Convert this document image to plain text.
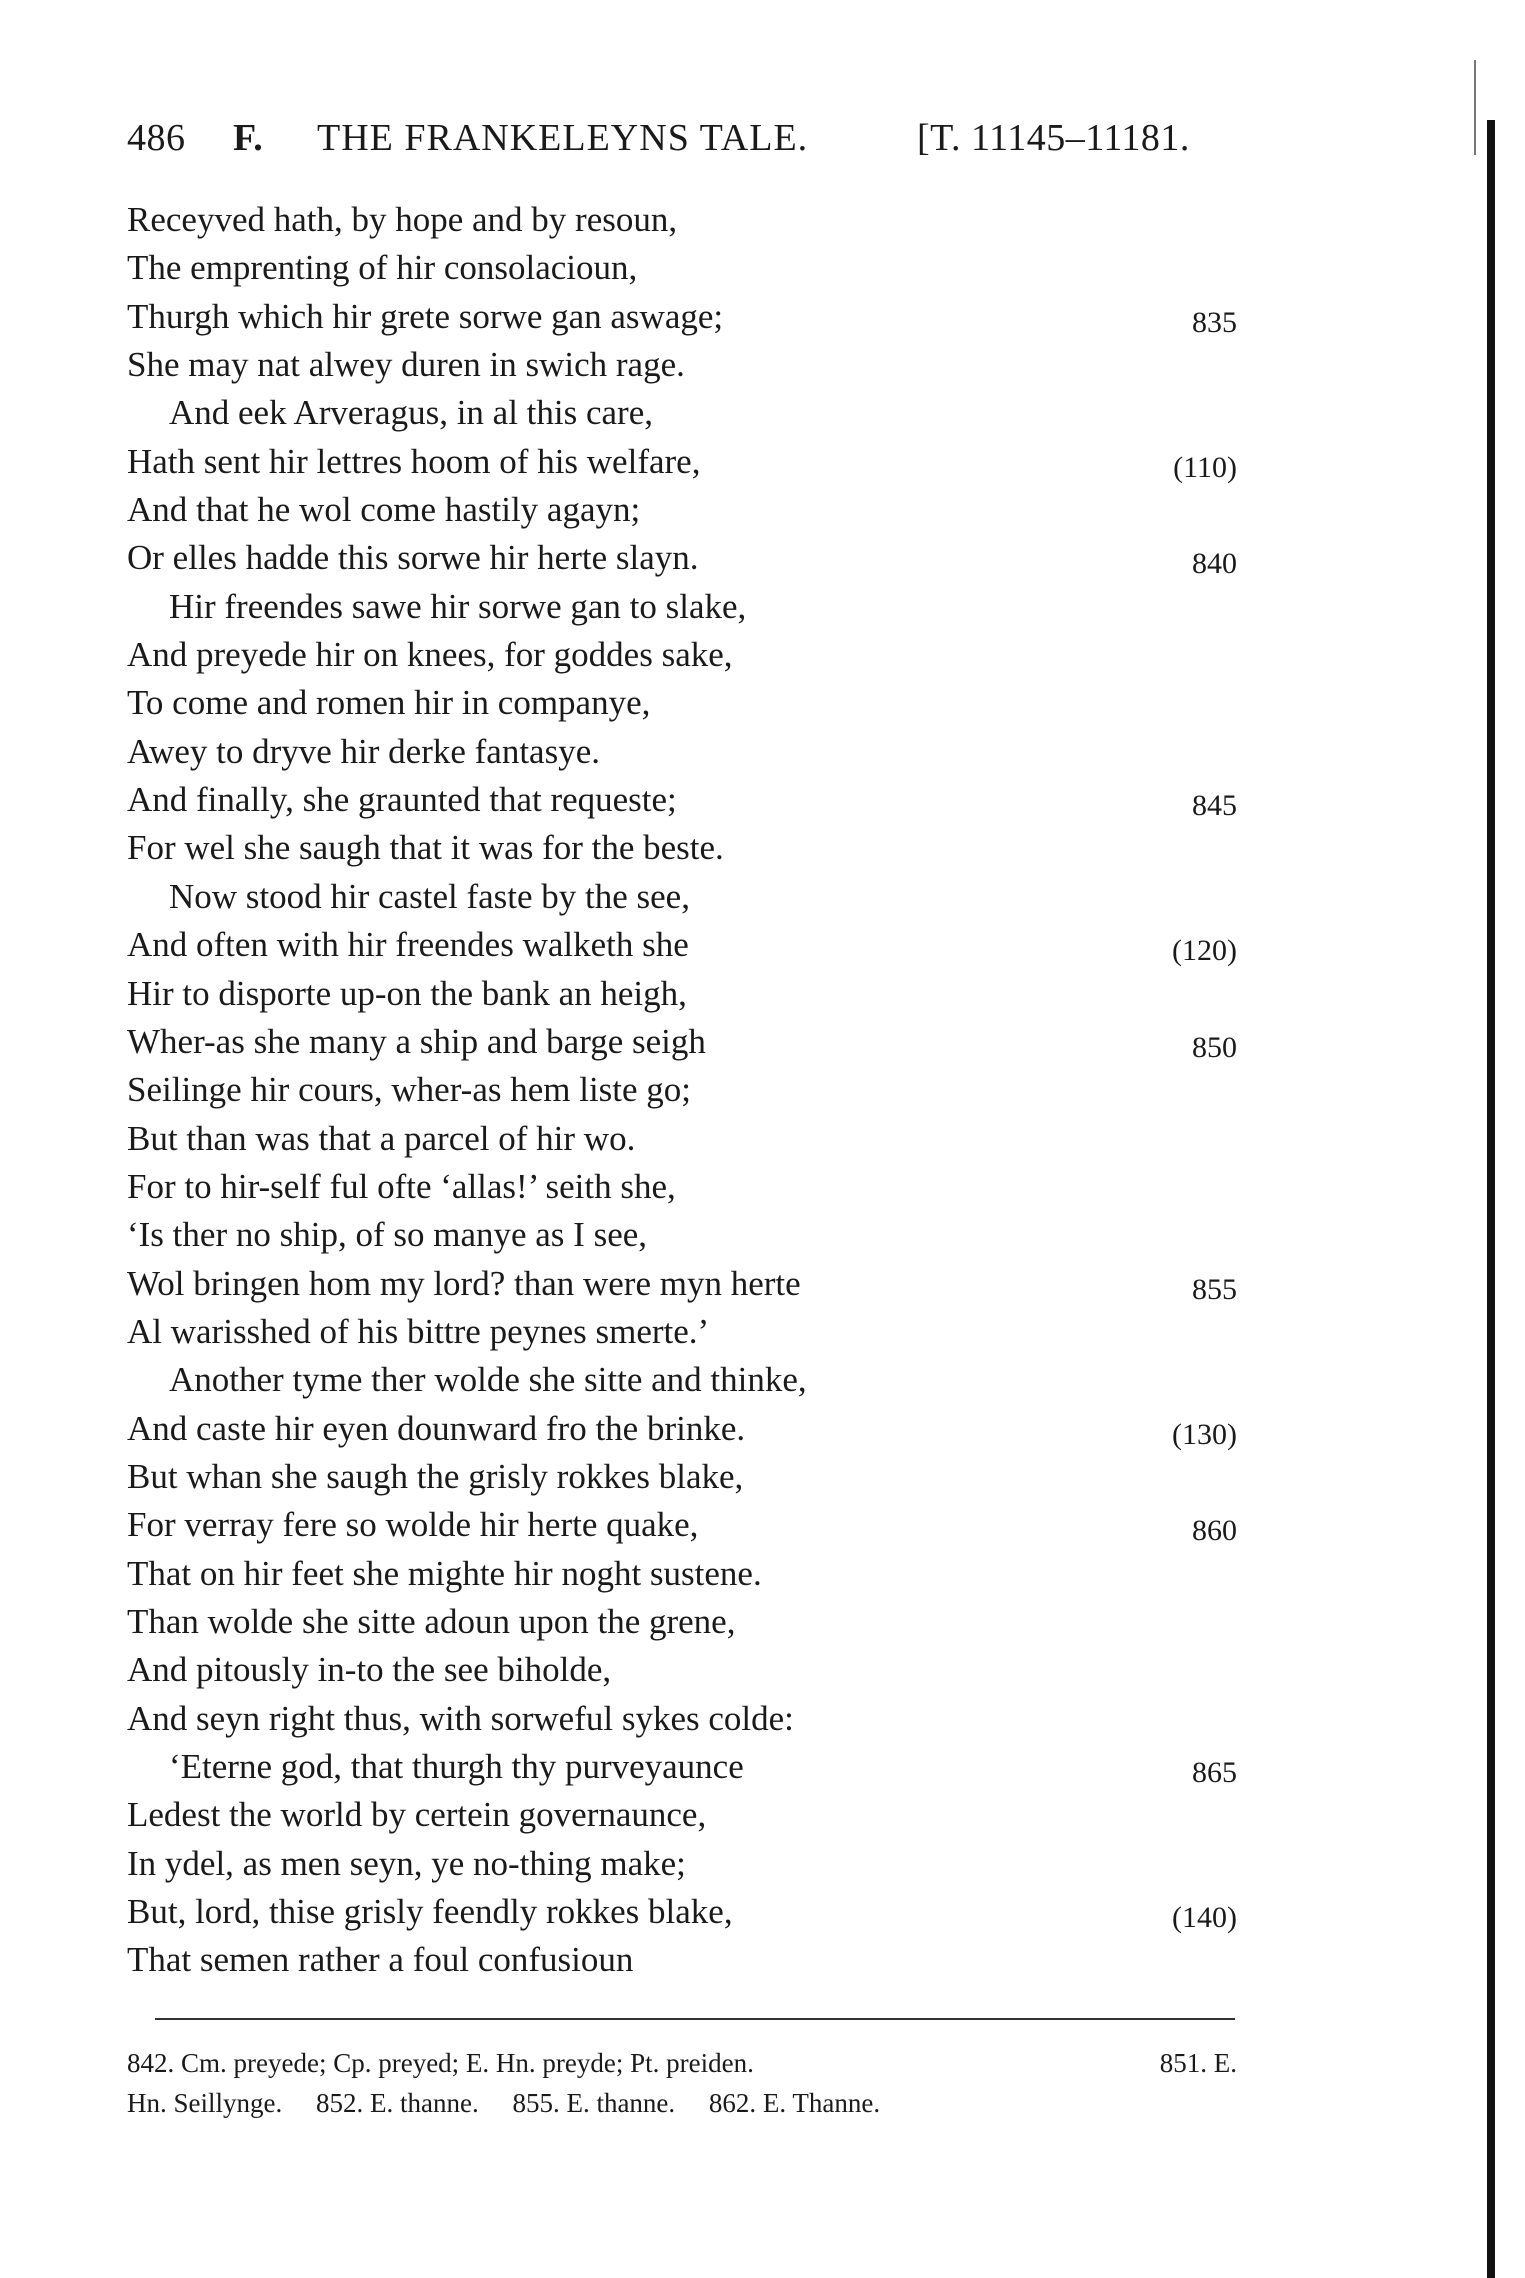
486 F. THE FRANKELEYNS TALE.	[T. 11145–11181.
Receyved hath, by hope and by resoun,
The emprenting of hir consolacioun,
Thurgh which hir grete sorwe gan aswage;	835
She may nat alwey duren in swich rage.
And eek Arveragus, in al this care,
Hath sent hir lettres hoom of his welfare,	(110)
And that he wol come hastily agayn;
Or elles hadde this sorwe hir herte slayn.	840
Hir freendes sawe hir sorwe gan to slake,
And preyede hir on knees, for goddes sake,
To come and romen hir in companye,
Awey to dryve hir derke fantasye.
And finally, she graunted that requeste;	845
For wel she saugh that it was for the beste.
Now stood hir castel faste by the see,
And often with hir freendes walketh she	(120)
Hir to disporte up-on the bank an heigh,
Wher-as she many a ship and barge seigh	850
Seilinge hir cours, wher-as hem liste go;
But than was that a parcel of hir wo.
For to hir-self ful ofte ‘allas!’ seith she,
‘Is ther no ship, of so manye as I see,
Wol bringen hom my lord? than were myn herte	855
Al warisshed of his bittre peynes smerte.’
Another tyme ther wolde she sitte and thinke,
And caste hir eyen dounward fro the brinke.	(130)
But whan she saugh the grisly rokkes blake,
For verray fere so wolde hir herte quake,	860
That on hir feet she mighte hir noght sustene.
Than wolde she sitte adoun upon the grene,
And pitously in-to the see biholde,
And seyn right thus, with sorweful sykes colde:
‘Eterne god, that thurgh thy purveyaunce	865
Ledest the world by certein governaunce,
In ydel, as men seyn, ye no-thing make;
But, lord, thise grisly feendly rokkes blake,	(140)
That semen rather a foul confusioun
842. Cm. preyede; Cp. preyed; E. Hn. preyde; Pt. preiden.	851. E.
Hn. Seillynge.     852. E. thanne.     855. E. thanne.     862. E. Thanne.
